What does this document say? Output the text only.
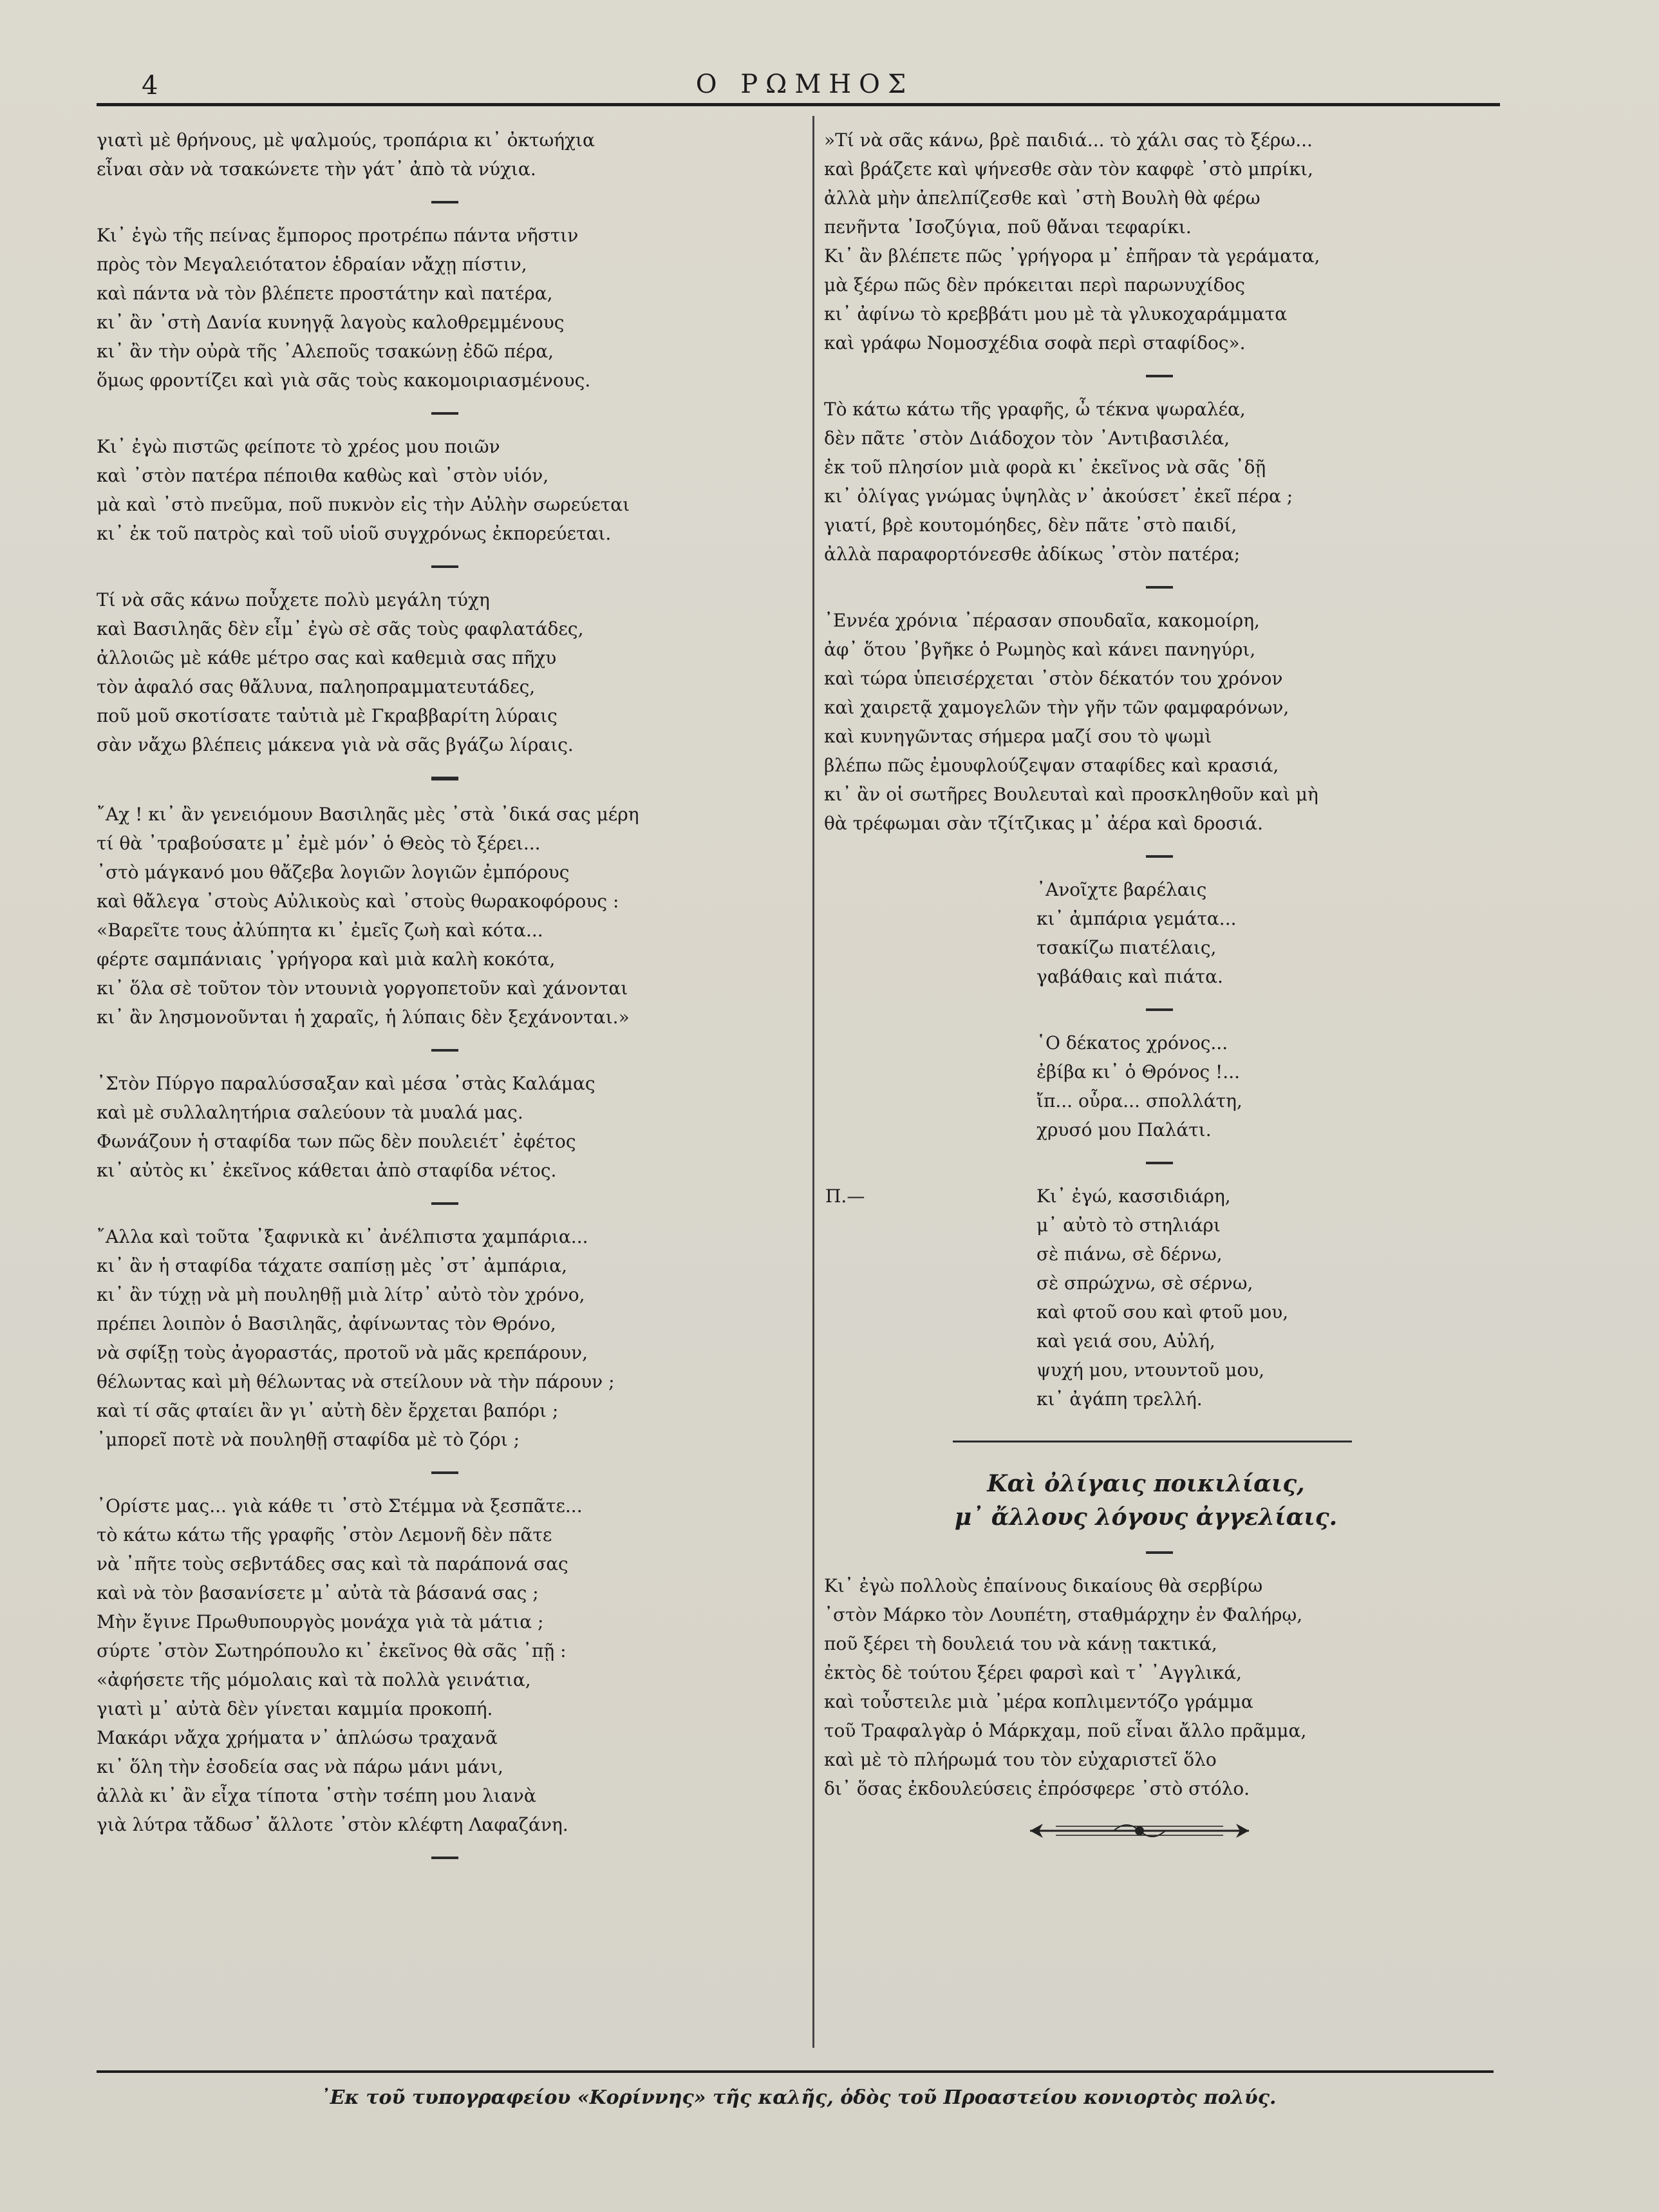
4	Ο ΡΩΜΗΟΣ
γιατὶ μὲ θρήνους, μὲ ψαλμούς, τροπάρια κι᾽ ὀκτωήχια
εἶναι σὰν νὰ τσακώνετε τὴν γάτ᾽ ἀπὸ τὰ νύχια.
Κι᾽ ἐγὼ τῆς πείνας ἔμπορος προτρέπω πάντα νῆστιν
πρὸς τὸν Μεγαλειότατον ἑδραίαν νἄχῃ πίστιν,
καὶ πάντα νὰ τὸν βλέπετε προστάτην καὶ πατέρα,
κι᾽ ἂν ᾽στὴ Δανία κυνηγᾷ λαγοὺς καλοθρεμμένους
κι᾽ ἂν τὴν οὐρὰ τῆς ᾽Αλεποῦς τσακώνῃ ἐδῶ πέρα,
ὅμως φροντίζει καὶ γιὰ σᾶς τοὺς κακομοιριασμένους.
Κι᾽ ἐγὼ πιστῶς φείποτε τὸ χρέος μου ποιῶν
καὶ ᾽στὸν πατέρα πέποιθα καθὼς καὶ ᾽στὸν υἱόν,
μὰ καὶ ᾽στὸ πνεῦμα, ποῦ πυκνὸν εἰς τὴν Αὐλὴν σωρεύεται
κι᾽ ἐκ τοῦ πατρὸς καὶ τοῦ υἱοῦ συγχρόνως ἐκπορεύεται.
Τί νὰ σᾶς κάνω ποὖχετε πολὺ μεγάλη τύχη
καὶ Βασιληᾶς δὲν εἶμ᾽ ἐγὼ σὲ σᾶς τοὺς φαφλατάδες,
ἀλλοιῶς μὲ κάθε μέτρο σας καὶ καθεμιὰ σας πῆχυ
τὸν ἀφαλό σας θἄλυνα, παληοπραμματευτάδες,
ποῦ μοῦ σκοτίσατε ταὐτιὰ μὲ Γκραββαρίτη λύραις
σὰν νἄχω βλέπεις μάκενα γιὰ νὰ σᾶς βγάζω λίραις.
῎Αχ ! κι᾽ ἂν γενειόμουν Βασιληᾶς μὲς ᾽στὰ ᾽δικά σας μέρη
τί θὰ ᾽τραβούσατε μ᾽ ἐμὲ μόν᾽ ὁ Θεὸς τὸ ξέρει...
᾽στὸ μάγκανό μου θἄζεβα λογιῶν λογιῶν ἐμπόρους
καὶ θἄλεγα ᾽στοὺς Αὐλικοὺς καὶ ᾽στοὺς θωρακοφόρους :
«Βαρεῖτε τους ἀλύπητα κι᾽ ἐμεῖς ζωὴ καὶ κότα...
φέρτε σαμπάνιαις ᾽γρήγορα καὶ μιὰ καλὴ κοκότα,
κι᾽ ὅλα σὲ τοῦτον τὸν ντουνιὰ γοργοπετοῦν καὶ χάνονται
κι᾽ ἂν λησμονοῦνται ἡ χαραῖς, ἡ λύπαις δὲν ξεχάνονται.»
᾽Στὸν Πύργο παραλύσσαξαν καὶ μέσα ᾽στὰς Καλάμας
καὶ μὲ συλλαλητήρια σαλεύουν τὰ μυαλά μας.
Φωνάζουν ἡ σταφίδα των πῶς δὲν πουλειέτ᾽ ἐφέτος
κι᾽ αὐτὸς κι᾽ ἐκεῖνος κάθεται ἀπὸ σταφίδα νέτος.
῎Αλλα καὶ τοῦτα ᾽ξαφνικὰ κι᾽ ἀνέλπιστα χαμπάρια...
κι᾽ ἂν ἡ σταφίδα τάχατε σαπίσῃ μὲς ᾽στ᾽ ἀμπάρια,
κι᾽ ἂν τύχῃ νὰ μὴ πουληθῇ μιὰ λίτρ᾽ αὐτὸ τὸν χρόνο,
πρέπει λοιπὸν ὁ Βασιληᾶς, ἀφίνωντας τὸν Θρόνο,
νὰ σφίξῃ τοὺς ἀγοραστάς, προτοῦ νὰ μᾶς κρεπάρουν,
θέλωντας καὶ μὴ θέλωντας νὰ στείλουν νὰ τὴν πάρουν ;
καὶ τί σᾶς φταίει ἂν γι᾽ αὐτὴ δὲν ἔρχεται βαπόρι ;
᾽μπορεῖ ποτὲ νὰ πουληθῇ σταφίδα μὲ τὸ ζόρι ;
᾽Ορίστε μας... γιὰ κάθε τι ᾽στὸ Στέμμα νὰ ξεσπᾶτε...
τὸ κάτω κάτω τῆς γραφῆς ᾽στὸν Λεμονῆ δὲν πᾶτε
νὰ ᾽πῆτε τοὺς σεβντάδες σας καὶ τὰ παράπονά σας
καὶ νὰ τὸν βασανίσετε μ᾽ αὐτὰ τὰ βάσανά σας ;
Μὴν ἔγινε Πρωθυπουργὸς μονάχα γιὰ τὰ μάτια ;
σύρτε ᾽στὸν Σωτηρόπουλο κι᾽ ἐκεῖνος θὰ σᾶς ᾽πῇ :
«ἀφήσετε τῆς μόμολαις καὶ τὰ πολλὰ γεινάτια,
γιατὶ μ᾽ αὐτὰ δὲν γίνεται καμμία προκοπή.
Μακάρι νἄχα χρήματα ν᾽ ἁπλώσω τραχανᾶ
κι᾽ ὅλη τὴν ἐσοδεία σας νὰ πάρω μάνι μάνι,
ἀλλὰ κι᾽ ἂν εἶχα τίποτα ᾽στὴν τσέπη μου λιανὰ
γιὰ λύτρα τἄδωσ᾽ ἄλλοτε ᾽στὸν κλέφτη Λαφαζάνη.
»Τί νὰ σᾶς κάνω, βρὲ παιδιά... τὸ χάλι σας τὸ ξέρω...
καὶ βράζετε καὶ ψήνεσθε σὰν τὸν καφφὲ ᾽στὸ μπρίκι,
ἀλλὰ μὴν ἀπελπίζεσθε καὶ ᾽στὴ Βουλὴ θὰ φέρω
πενῆντα ᾽Ισοζύγια, ποῦ θἄναι τεφαρίκι.
Κι᾽ ἂν βλέπετε πῶς ᾽γρήγορα μ᾽ ἐπῆραν τὰ γεράματα,
μὰ ξέρω πῶς δὲν πρόκειται περὶ παρωνυχίδος
κι᾽ ἀφίνω τὸ κρεββάτι μου μὲ τὰ γλυκοχαράμματα
καὶ γράφω Νομοσχέδια σοφὰ περὶ σταφίδος».
Τὸ κάτω κάτω τῆς γραφῆς, ὦ τέκνα ψωραλέα,
δὲν πᾶτε ᾽στὸν Διάδοχον τὸν ᾽Αντιβασιλέα,
ἐκ τοῦ πλησίον μιὰ φορὰ κι᾽ ἐκεῖνος νὰ σᾶς ᾽δῇ
κι᾽ ὀλίγας γνώμας ὑψηλὰς ν᾽ ἀκούσετ᾽ ἐκεῖ πέρα ;
γιατί, βρὲ κουτομόηδες, δὲν πᾶτε ᾽στὸ παιδί,
ἀλλὰ παραφορτόνεσθε ἀδίκως ᾽στὸν πατέρα;
᾽Εννέα χρόνια ᾽πέρασαν σπουδαῖα, κακομοίρη,
ἀφ᾽ ὅτου ᾽βγῆκε ὁ Ρωμηὸς καὶ κάνει πανηγύρι,
καὶ τώρα ὑπεισέρχεται ᾽στὸν δέκατόν του χρόνον
καὶ χαιρετᾷ χαμογελῶν τὴν γῆν τῶν φαμφαρόνων,
καὶ κυνηγῶντας σήμερα μαζί σου τὸ ψωμὶ
βλέπω πῶς ἐμουφλούζεψαν σταφίδες καὶ κρασιά,
κι᾽ ἂν οἱ σωτῆρες Βουλευταὶ καὶ προσκληθοῦν καὶ μὴ
θὰ τρέφωμαι σὰν τζίτζικας μ᾽ ἀέρα καὶ δροσιά.
᾽Ανοῖχτε βαρέλαις
κι᾽ ἀμπάρια γεμάτα...
τσακίζω πιατέλαις,
γαβάθαις καὶ πιάτα.
῾Ο δέκατος χρόνος...
ἐβίβα κι᾽ ὁ Θρόνος !...
ἴπ... οὖρα... σπολλάτη,
χρυσό μου Παλάτι.
Π.—	Κι᾽ ἐγώ, κασσιδιάρη,
μ᾽ αὐτὸ τὸ στηλιάρι
σὲ πιάνω, σὲ δέρνω,
σὲ σπρώχνω, σὲ σέρνω,
καὶ φτοῦ σου καὶ φτοῦ μου,
καὶ γειά σου, Αὐλή,
ψυχή μου, ντουντοῦ μου,
κι᾽ ἀγάπη τρελλή.
Καὶ ὀλίγαις ποικιλίαις,
μ᾽ ἄλλους λόγους ἀγγελίαις.
Κι᾽ ἐγὼ πολλοὺς ἐπαίνους δικαίους θὰ σερβίρω
᾽στὸν Μάρκο τὸν Λουπέτη, σταθμάρχην ἐν Φαλήρῳ,
ποῦ ξέρει τὴ δουλειά του νὰ κάνῃ τακτικά,
ἐκτὸς δὲ τούτου ξέρει φαρσὶ καὶ τ᾽ ᾽Αγγλικά,
καὶ τοὖστειλε μιὰ ᾽μέρα κοπλιμεντόζο γράμμα
τοῦ Τραφαλγὰρ ὁ Μάρκχαμ, ποῦ εἶναι ἄλλο πρᾶμμα,
καὶ μὲ τὸ πλήρωμά του τὸν εὐχαριστεῖ ὅλο
δι᾽ ὅσας ἐκδουλεύσεις ἐπρόσφερε ᾽στὸ στόλο.
᾽Εκ τοῦ τυπογραφείου «Κορίννης» τῆς καλῆς, ὁδὸς τοῦ Προαστείου κονιορτὸς πολύς.
